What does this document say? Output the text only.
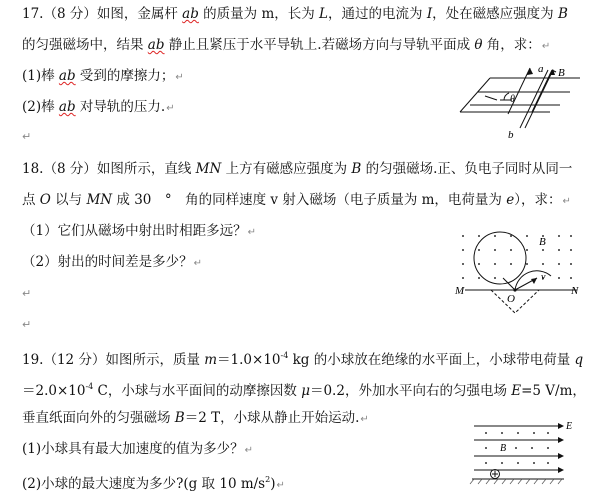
17.（8 分）如图，金属杆 ab 的质量为 m，长为 L，通过的电流为 I，处在磁感应强度为 B
的匀强磁场中，结果 ab 静止且紧压于水平导轨上.若磁场方向与导轨平面成 θ 角，求：↵
(1)棒 ab 受到的摩擦力；↵
(2)棒 ab 对导轨的压力.↵
↵
a B
b
θ
18.（8 分）如图所示，直线 MN 上方有磁感应强度为 B 的匀强磁场.正、负电子同时从同一
点 O 以与 MN 成 30　°　角的同样速度 v 射入磁场（电子质量为 m，电荷量为 e），求：↵
（1）它们从磁场中射出时相距多远？↵
（2）射出的时间差是多少？↵
↵
↵
M	N
O
B
v
19.（12 分）如图所示，质量 $m=1.0\times 10^{-4}$ kg 的小球放在绝缘的水平面上，小球带电荷量 q
$=2.0\times 10^{-4}$ C，小球与水平面间的动摩擦因数 μ＝0.2，外加水平向右的匀强电场 E=5 V/m，
垂直纸面向外的匀强磁场 B＝2 T，小球从静止开始运动.↵
(1)小球具有最大加速度的值为多少？↵
(2)小球的最大速度为多少?(g 取 10 $m/s^2)↵$
E
B
